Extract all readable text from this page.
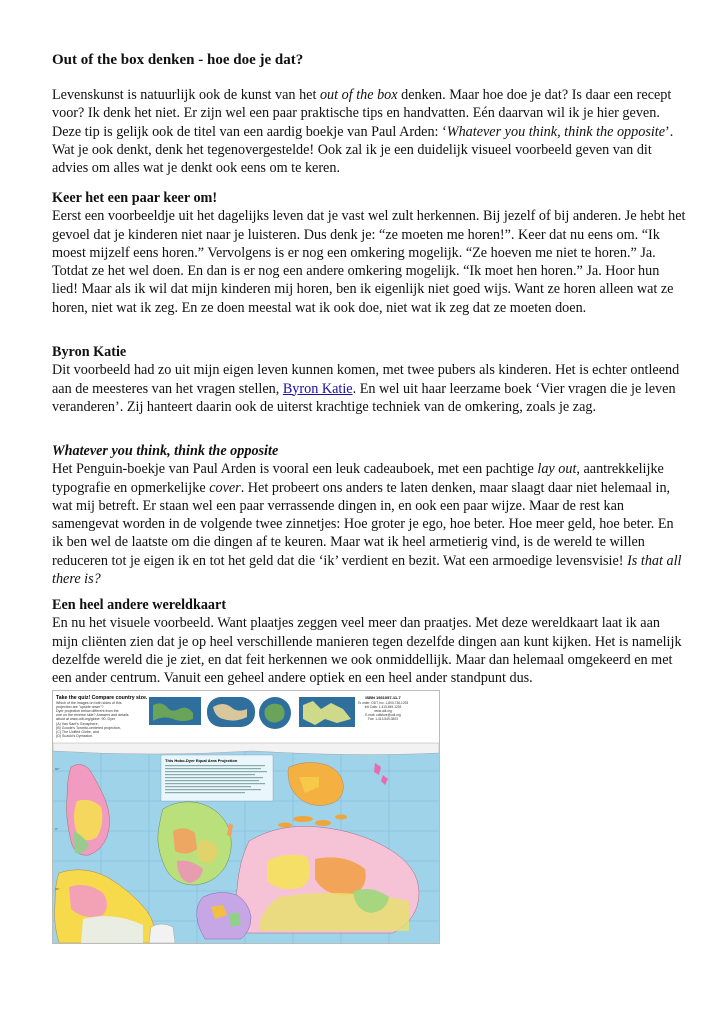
Out of the box denken - hoe doe je dat?
Levenskunst is natuurlijk ook de kunst van het out of the box denken. Maar hoe doe je dat? Is daar een recept voor? Ik denk het niet. Er zijn wel een paar praktische tips en handvatten. Eén daarvan wil ik je hier geven. Deze tip is gelijk ook de titel van een aardig boekje van Paul Arden: ‘Whatever you think, think the opposite’. Wat je ook denkt, denk het tegenovergestelde! Ook zal ik je een duidelijk visueel voorbeeld geven van dit advies om alles wat je denkt ook eens om te keren.
Keer het een paar keer om!
Eerst een voorbeeldje uit het dagelijks leven dat je vast wel zult herkennen. Bij jezelf of bij anderen. Je hebt het gevoel dat je kinderen niet naar je luisteren. Dus denk je: “ze moeten me horen!”. Keer dat nu eens om. “Ik moest mijzelf eens horen.” Vervolgens is er nog een omkering mogelijk. “Ze hoeven me niet te horen.” Ja. Totdat ze het wel doen. En dan is er nog een andere omkering mogelijk. “Ik moet hen horen.” Ja. Hoor hun lied! Maar als ik wil dat mijn kinderen mij horen, ben ik eigenlijk niet goed wijs. Want ze horen alleen wat ze horen, niet wat ik zeg. En ze doen meestal wat ik ook doe, niet wat ik zeg dat ze moeten doen.
Byron Katie
Dit voorbeeld had zo uit mijn eigen leven kunnen komen, met twee pubers als kinderen. Het is echter ontleend aan de meesteres van het vragen stellen, Byron Katie. En wel uit haar leerzame boek ‘Vier vragen die je leven veranderen’. Zij hanteert daarin ook de uiterst krachtige techniek van de omkering, zoals je zag.
Whatever you think, think the opposite
Het Penguin-boekje van Paul Arden is vooral een leuk cadeauboek, met een pachtige lay out, aantrekkelijke typografie en opmerkelijke cover. Het probeert ons anders te laten denken, maar slaagt daar niet helemaal in, wat mij betreft. Er staan wel een paar verrassende dingen in, en ook een paar wijze. Maar de rest kan samengevat worden in de volgende twee zinnetjes: Hoe groter je ego, hoe beter. Hoe meer geld, hoe beter. En ik ben wel de laatste om die dingen af te keuren. Maar wat ik heel armetierig vind, is de wereld te willen reduceren tot je eigen ik en tot het geld dat die ‘ik’ verdient en bezit. Wat een armoedige levensvisie! Is that all there is?
Een heel andere wereldkaart
En nu het visuele voorbeeld. Want plaatjes zeggen veel meer dan praatjes. Met deze wereldkaart laat ik aan mijn cliënten zien dat je op heel verschillende manieren tegen dezelfde dingen aan kunt kijken. Het is namelijk dezelfde wereld die je ziet, en dat feit herkennen we ook onmiddellijk. Maar dan helemaal omgekeerd en met een ander centrum. Vanuit een geheel andere optiek en een heel ander standpunt dus.
Take the quiz! Compare country size.
Which of the images on both sides of this
projection are "upside down"?
Dyer projection below different from the
one on the reverse side? Answers and details
about at www.odt.org/globe: 90. Dyer
(A) Van Sant's Geosphere,
(B) Goode's Toronto-centered projection,
(C) The Unified Globe, and
(D) Suzuki's Dymaxion.
ISBN 1931057-11-7
To order: ODT, Inc. 1-800-736-1293
Intl Calls: 1-413-549-1293
www.odt.org
E-mail: odtstore@odt.org
Fax: 1-413-549-3503
This Hobo-Dyer Equal Area Projection
60°
0°
30°
